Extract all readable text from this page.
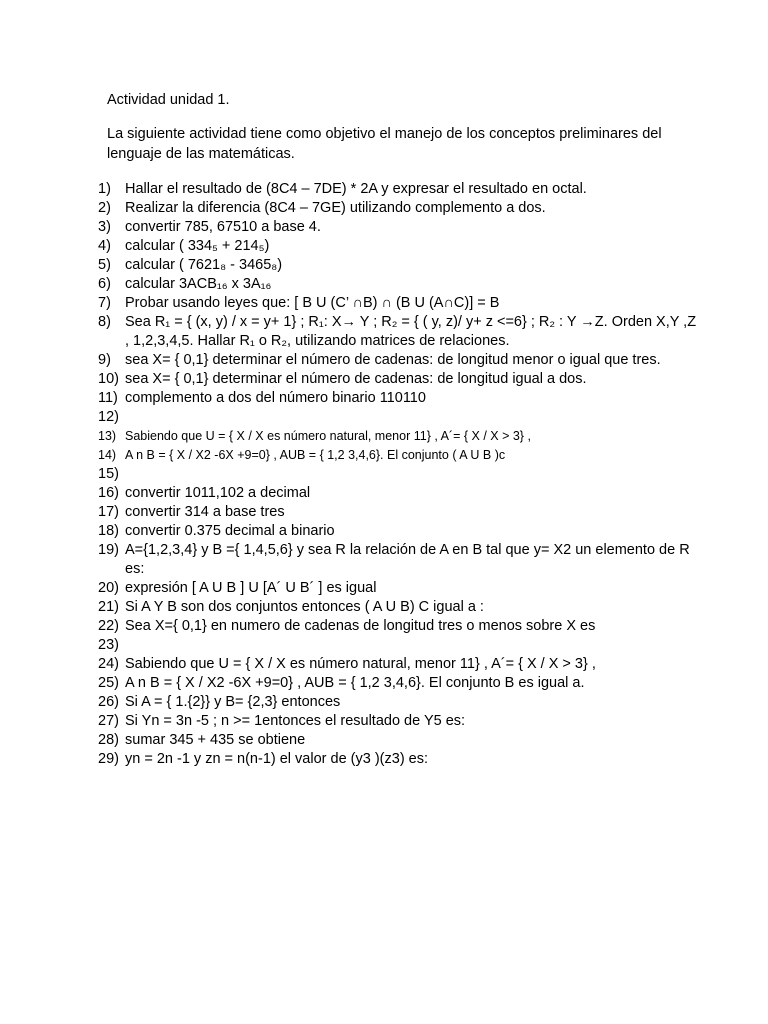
Actividad unidad 1.
La siguiente actividad tiene como objetivo el manejo de los conceptos preliminares del lenguaje de las matemáticas.
1) Hallar el resultado de (8C4 – 7DE) * 2A y expresar el resultado en octal.
2) Realizar la diferencia (8C4 – 7GE) utilizando complemento a dos.
3) convertir 785, 67510 a base 4.
4) calcular ( 334₅ + 214₅)
5) calcular ( 7621₈ - 3465₈)
6) calcular 3ACB₁₆ x 3A₁₆
7) Probar usando leyes que: [ B U (C’ ∩B) ∩ (B U (A∩C)] = B
8) Sea R₁ = { (x, y) / x = y+ 1} ; R₁: X→ Y ; R₂ = { ( y, z)/ y+ z <=6} ; R₂ : Y →Z. Orden X,Y ,Z , 1,2,3,4,5. Hallar R₁ o R₂, utilizando matrices de relaciones.
9) sea X= { 0,1} determinar el número de cadenas: de longitud menor o igual que tres.
10) sea X= { 0,1} determinar el número de cadenas: de longitud igual a dos.
11) complemento a dos del número binario 110110
12)

13) Sabiendo que U = { X / X es número natural, menor 11} , A´= { X / X > 3} ,
14) A n B = { X / X2 -6X +9=0} , AUB = { 1,2 3,4,6}. El conjunto ( A U B )c
15)

16) convertir 1011,102 a decimal
17) convertir 314 a base tres
18) convertir 0.375 decimal a binario
19) A={1,2,3,4} y B ={ 1,4,5,6} y sea R la relación de A en B tal que y= X2 un elemento de R es:
20) expresión [ A U B ] U [A´ U B´ ] es igual
21) Si A Y B son dos conjuntos entonces ( A U B) C igual a :
22) Sea X={ 0,1} en numero de cadenas de longitud tres o menos sobre X es
23)

24) Sabiendo que U = { X / X es número natural, menor 11} , A´= { X / X > 3} ,
25) A n B = { X / X2 -6X +9=0} , AUB = { 1,2 3,4,6}. El conjunto B es igual a.
26) Si A = { 1.{2}} y B= {2,3} entonces
27) Si Yn = 3n -5 ; n >= 1entonces el resultado de Y5 es:
28) sumar 345 + 435 se obtiene
29) yn = 2n -1 y zn = n(n-1) el valor de (y3 )(z3) es:
